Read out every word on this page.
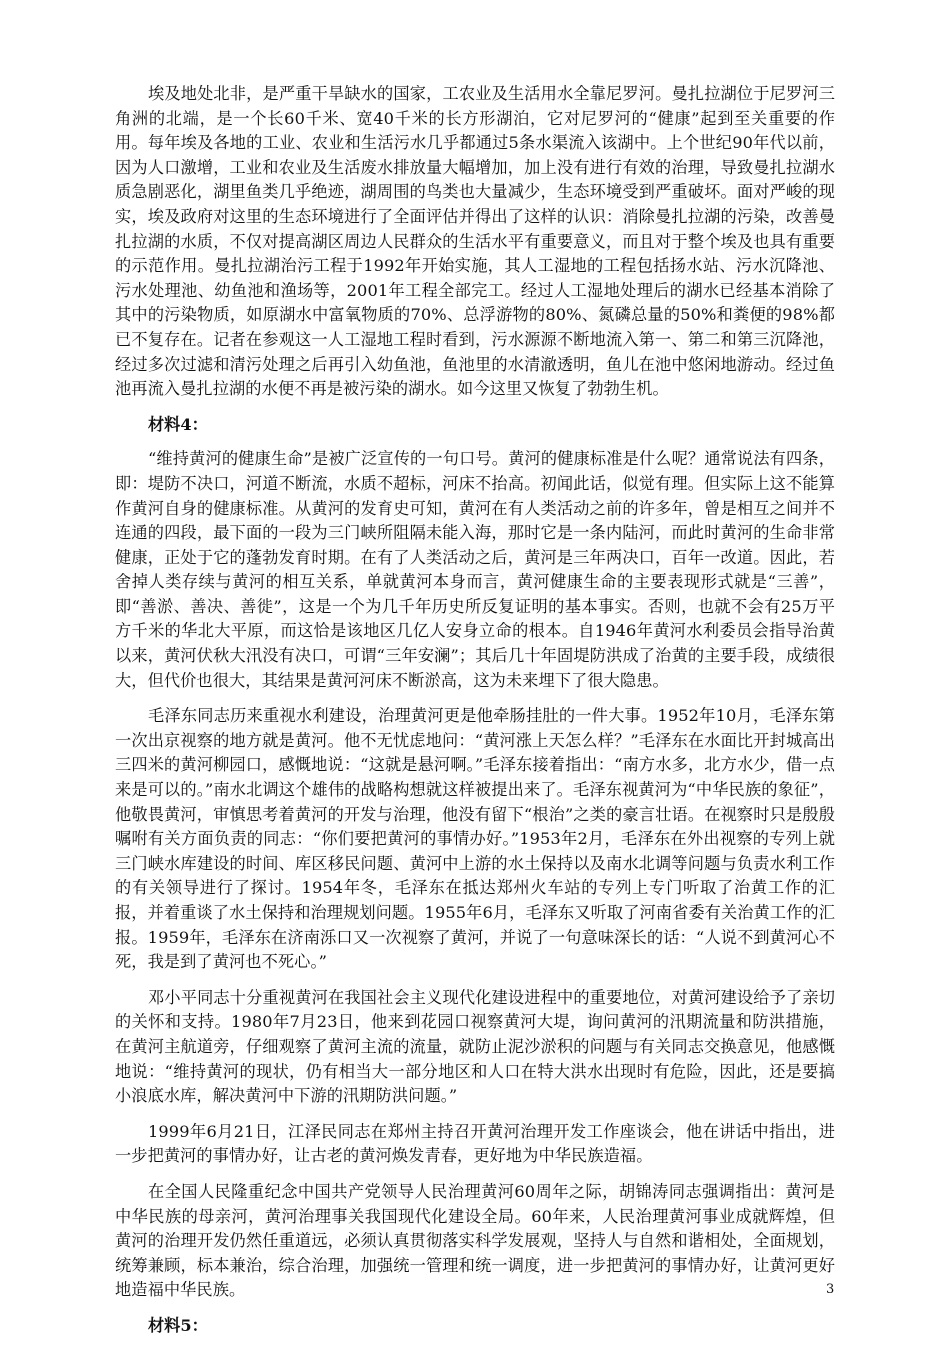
埃及地处北非，是严重干旱缺水的国家，工农业及生活用水全靠尼罗河。曼扎拉湖位于尼罗河三角洲的北端，是一个长60千米、宽40千米的长方形湖泊，它对尼罗河的“健康”起到至关重要的作用。每年埃及各地的工业、农业和生活污水几乎都通过5条水渠流入该湖中。上个世纪90年代以前，因为人口激增，工业和农业及生活废水排放量大幅增加，加上没有进行有效的治理，导致曼扎拉湖水质急剧恶化，湖里鱼类几乎绝迹，湖周围的鸟类也大量减少，生态环境受到严重破坏。面对严峻的现实，埃及政府对这里的生态环境进行了全面评估并得出了这样的认识：消除曼扎拉湖的污染，改善曼扎拉湖的水质，不仅对提高湖区周边人民群众的生活水平有重要意义，而且对于整个埃及也具有重要的示范作用。曼扎拉湖治污工程于1992年开始实施，其人工湿地的工程包括扬水站、污水沉降池、污水处理池、幼鱼池和渔场等，2001年工程全部完工。经过人工湿地处理后的湖水已经基本消除了其中的污染物质，如原湖水中富氧物质的70%、总浮游物的80%、氮磷总量的50%和粪便的98%都已不复存在。记者在参观这一人工湿地工程时看到，污水源源不断地流入第一、第二和第三沉降池，经过多次过滤和清污处理之后再引入幼鱼池，鱼池里的水清澈透明，鱼儿在池中悠闲地游动。经过鱼池再流入曼扎拉湖的水便不再是被污染的湖水。如今这里又恢复了勃勃生机。

材料4：

“维持黄河的健康生命”是被广泛宣传的一句口号。黄河的健康标准是什么呢？通常说法有四条，即：堤防不决口，河道不断流，水质不超标，河床不抬高。初闻此话，似觉有理。但实际上这不能算作黄河自身的健康标准。从黄河的发育史可知，黄河在有人类活动之前的许多年，曾是相互之间并不连通的四段，最下面的一段为三门峡所阻隔未能入海，那时它是一条内陆河，而此时黄河的生命非常健康，正处于它的蓬勃发育时期。在有了人类活动之后，黄河是三年两决口，百年一改道。因此，若舍掉人类存续与黄河的相互关系，单就黄河本身而言，黄河健康生命的主要表现形式就是“三善”，即“善淤、善决、善徙”，这是一个为几千年历史所反复证明的基本事实。否则，也就不会有25万平方千米的华北大平原，而这恰是该地区几亿人安身立命的根本。自1946年黄河水利委员会指导治黄以来，黄河伏秋大汛没有决口，可谓“三年安澜”；其后几十年固堤防洪成了治黄的主要手段，成绩很大，但代价也很大，其结果是黄河河床不断淤高，这为未来埋下了很大隐患。

毛泽东同志历来重视水利建设，治理黄河更是他牵肠挂肚的一件大事。1952年10月，毛泽东第一次出京视察的地方就是黄河。他不无忧虑地问：“黄河涨上天怎么样？”毛泽东在水面比开封城高出三四米的黄河柳园口，感慨地说：“这就是悬河啊。”毛泽东接着指出：“南方水多，北方水少，借一点来是可以的。”南水北调这个雄伟的战略构想就这样被提出来了。毛泽东视黄河为“中华民族的象征”，他敬畏黄河，审慎思考着黄河的开发与治理，他没有留下“根治”之类的豪言壮语。在视察时只是殷殷嘱咐有关方面负责的同志：“你们要把黄河的事情办好。”1953年2月，毛泽东在外出视察的专列上就三门峡水库建设的时间、库区移民问题、黄河中上游的水土保持以及南水北调等问题与负责水利工作的有关领导进行了探讨。1954年冬，毛泽东在抵达郑州火车站的专列上专门听取了治黄工作的汇报，并着重谈了水土保持和治理规划问题。1955年6月，毛泽东又听取了河南省委有关治黄工作的汇报。1959年，毛泽东在济南泺口又一次视察了黄河，并说了一句意味深长的话：“人说不到黄河心不死，我是到了黄河也不死心。”

邓小平同志十分重视黄河在我国社会主义现代化建设进程中的重要地位，对黄河建设给予了亲切的关怀和支持。1980年7月23日，他来到花园口视察黄河大堤，询问黄河的汛期流量和防洪措施，在黄河主航道旁，仔细观察了黄河主流的流量，就防止泥沙淤积的问题与有关同志交换意见，他感慨地说：“维持黄河的现状，仍有相当大一部分地区和人口在特大洪水出现时有危险，因此，还是要搞小浪底水库，解决黄河中下游的汛期防洪问题。”

1999年6月21日，江泽民同志在郑州主持召开黄河治理开发工作座谈会，他在讲话中指出，进一步把黄河的事情办好，让古老的黄河焕发青春，更好地为中华民族造福。

在全国人民隆重纪念中国共产党领导人民治理黄河60周年之际，胡锦涛同志强调指出：黄河是中华民族的母亲河，黄河治理事关我国现代化建设全局。60年来，人民治理黄河事业成就辉煌，但黄河的治理开发仍然任重道远，必须认真贯彻落实科学发展观，坚持人与自然和谐相处，全面规划，统筹兼顾，标本兼治，综合治理，加强统一管理和统一调度，进一步把黄河的事情办好，让黄河更好地造福中华民族。

材料5：

3
